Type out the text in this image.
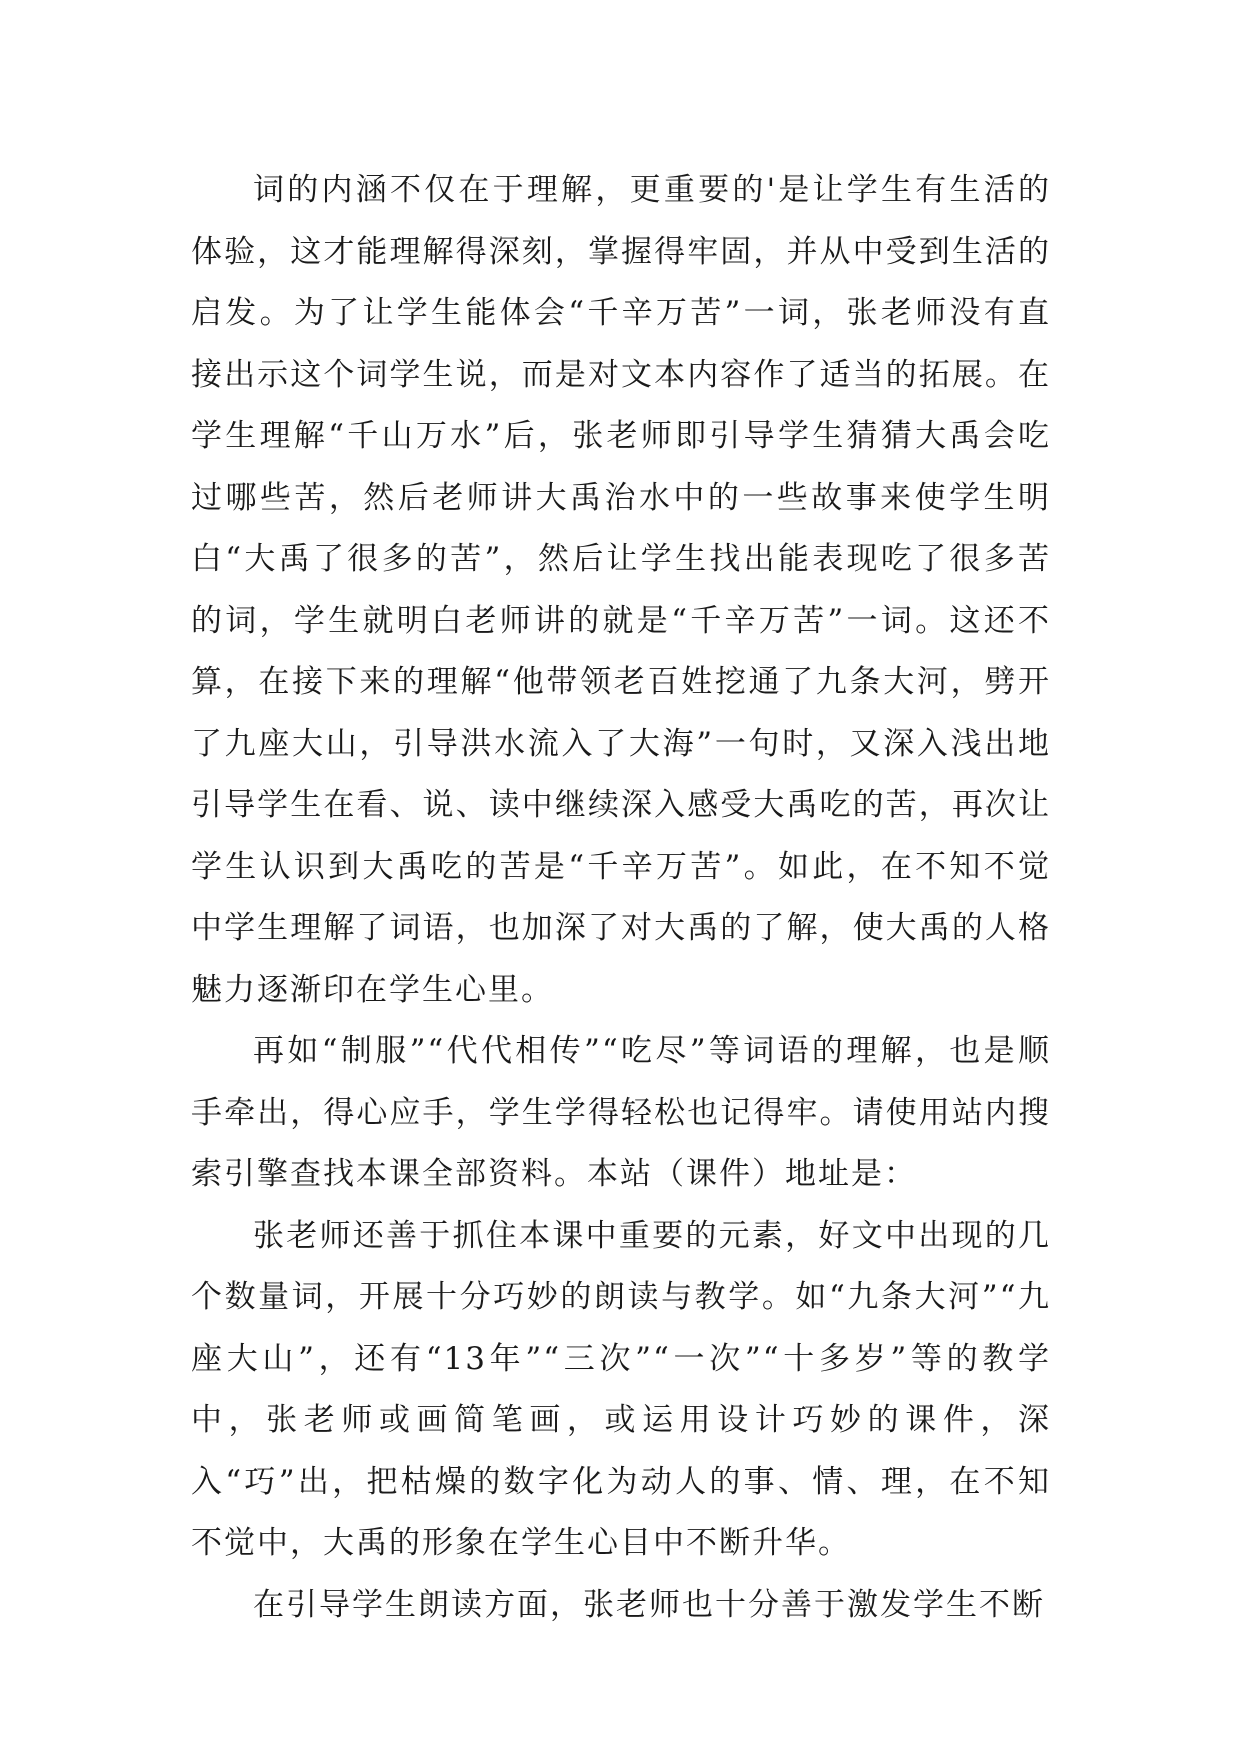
词的内涵不仅在于理解，更重要的'是让学生有生活的体验，这才能理解得深刻，掌握得牢固，并从中受到生活的启发。为了让学生能体会“千辛万苦”一词，张老师没有直接出示这个词学生说，而是对文本内容作了适当的拓展。在学生理解“千山万水”后，张老师即引导学生猜猜大禹会吃过哪些苦，然后老师讲大禹治水中的一些故事来使学生明白“大禹了很多的苦”，然后让学生找出能表现吃了很多苦的词，学生就明白老师讲的就是“千辛万苦”一词。这还不算，在接下来的理解“他带领老百姓挖通了九条大河，劈开了九座大山，引导洪水流入了大海”一句时，又深入浅出地引导学生在看、说、读中继续深入感受大禹吃的苦，再次让学生认识到大禹吃的苦是“千辛万苦”。如此，在不知不觉中学生理解了词语，也加深了对大禹的了解，使大禹的人格魅力逐渐印在学生心里。

再如“制服”“代代相传”“吃尽”等词语的理解，也是顺手牵出，得心应手，学生学得轻松也记得牢。请使用站内搜索引擎查找本课全部资料。本站（课件）地址是：

张老师还善于抓住本课中重要的元素，好文中出现的几个数量词，开展十分巧妙的朗读与教学。如“九条大河”“九座大山”，还有“13年”“三次”“一次”“十多岁”等的教学中，张老师或画简笔画，或运用设计巧妙的课件，深入“巧”出，把枯燥的数字化为动人的事、情、理，在不知不觉中，大禹的形象在学生心目中不断升华。

在引导学生朗读方面，张老师也十分善于激发学生不断
